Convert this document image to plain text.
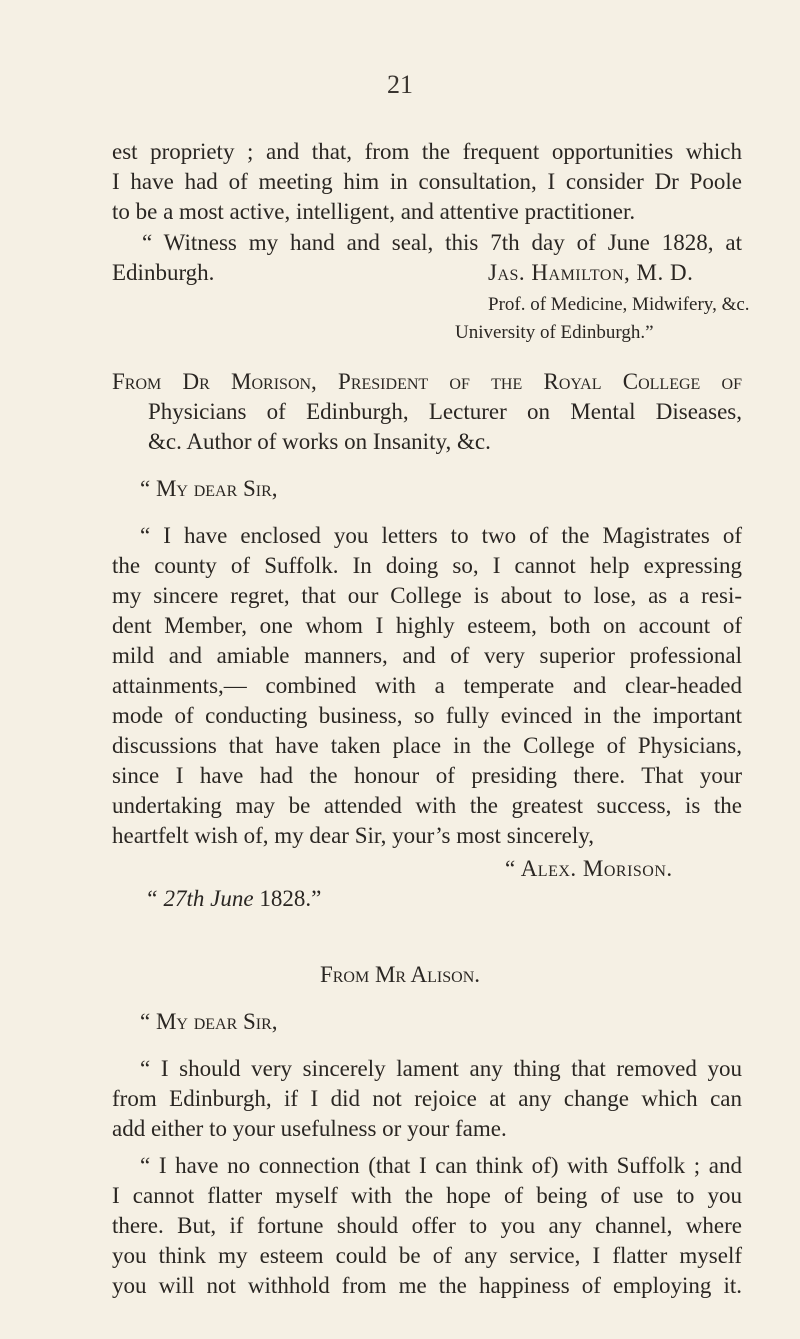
21
est propriety ; and that, from the frequent opportunities which
I have had of meeting him in consultation, I consider Dr Poole
to be a most active, intelligent, and attentive practitioner.
“ Witness my hand and seal, this 7th day of June 1828, at
Edinburgh.	Jas. Hamilton, M. D.
Prof. of Medicine, Midwifery, &c.
University of Edinburgh.”
From Dr Morison, President of the Royal College of
Physicians of Edinburgh, Lecturer on Mental Diseases,
&c. Author of works on Insanity, &c.
“ My dear Sir,
“ I have enclosed you letters to two of the Magistrates of
the county of Suffolk. In doing so, I cannot help expressing
my sincere regret, that our College is about to lose, as a resi-
dent Member, one whom I highly esteem, both on account of
mild and amiable manners, and of very superior professional
attainments,— combined with a temperate and clear-headed
mode of conducting business, so fully evinced in the important
discussions that have taken place in the College of Physicians,
since I have had the honour of presiding there. That your
undertaking may be attended with the greatest success, is the
heartfelt wish of, my dear Sir, your’s most sincerely,
“ Alex. Morison.
“ 27th June 1828.”
From Mr Alison.
“ My dear Sir,
“ I should very sincerely lament any thing that removed you
from Edinburgh, if I did not rejoice at any change which can
add either to your usefulness or your fame.
“ I have no connection (that I can think of) with Suffolk ; and
I cannot flatter myself with the hope of being of use to you
there. But, if fortune should offer to you any channel, where
you think my esteem could be of any service, I flatter myself
you will not withhold from me the happiness of employing it.
